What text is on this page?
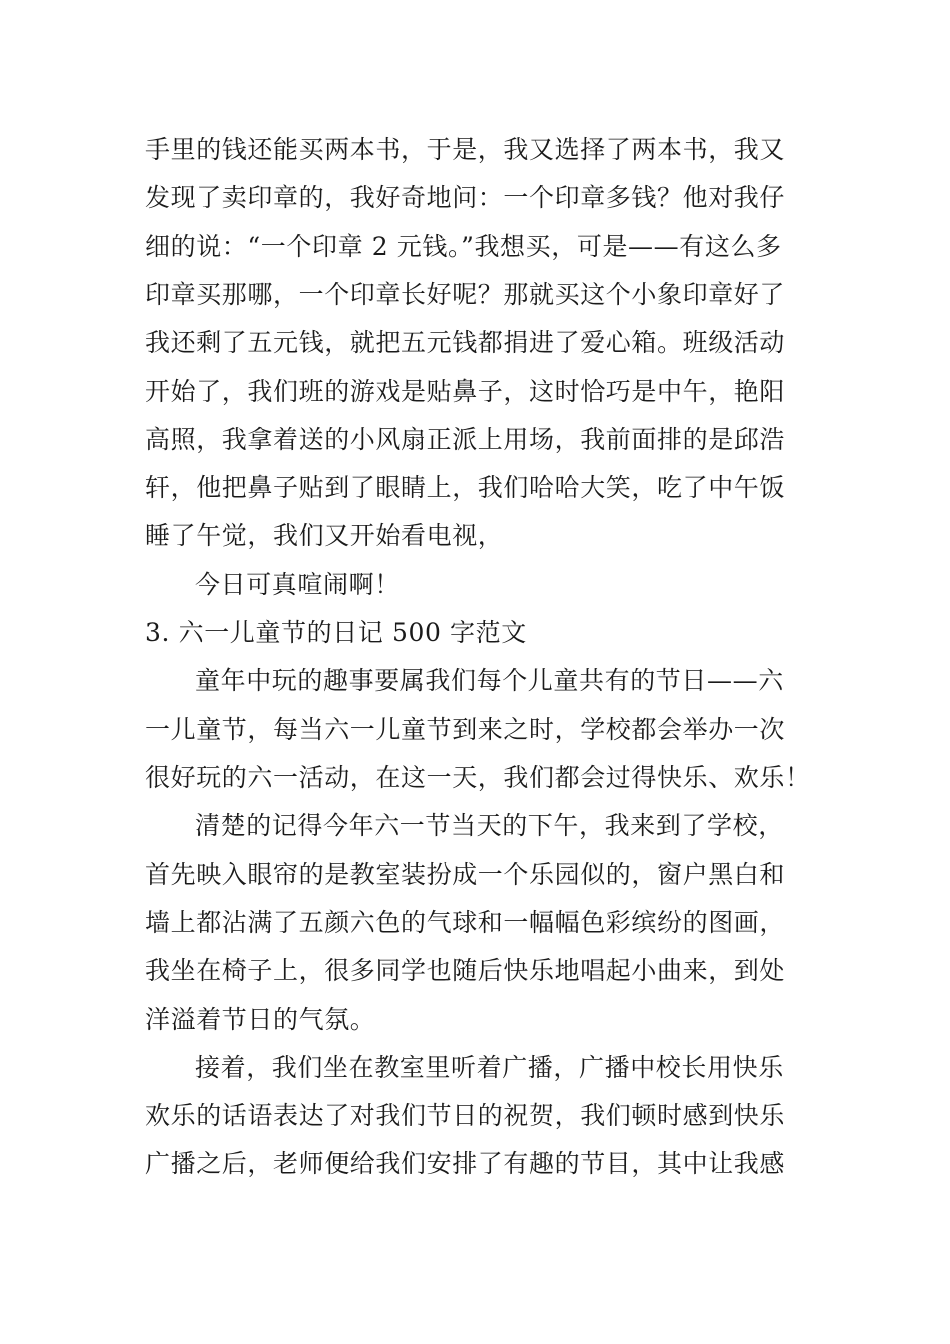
手里的钱还能买两本书，于是，我又选择了两本书，我又
发现了卖印章的，我好奇地问：一个印章多钱？他对我仔
细的说：“一个印章 2 元钱。”我想买，可是——有这么多
印章买那哪，一个印章长好呢？那就买这个小象印章好了
我还剩了五元钱，就把五元钱都捐进了爱心箱。班级活动
开始了，我们班的游戏是贴鼻子，这时恰巧是中午，艳阳
高照，我拿着送的小风扇正派上用场，我前面排的是邱浩
轩，他把鼻子贴到了眼睛上，我们哈哈大笑，吃了中午饭
睡了午觉，我们又开始看电视，
今日可真喧闹啊！
3. 六一儿童节的日记 500 字范文
童年中玩的趣事要属我们每个儿童共有的节日——六
一儿童节，每当六一儿童节到来之时，学校都会举办一次
很好玩的六一活动，在这一天，我们都会过得快乐、欢乐！
清楚的记得今年六一节当天的下午，我来到了学校，
首先映入眼帘的是教室装扮成一个乐园似的，窗户黑白和
墙上都沾满了五颜六色的气球和一幅幅色彩缤纷的图画，
我坐在椅子上，很多同学也随后快乐地唱起小曲来，到处
洋溢着节日的气氛。
接着，我们坐在教室里听着广播，广播中校长用快乐
欢乐的话语表达了对我们节日的祝贺，我们顿时感到快乐
广播之后，老师便给我们安排了有趣的节目，其中让我感
